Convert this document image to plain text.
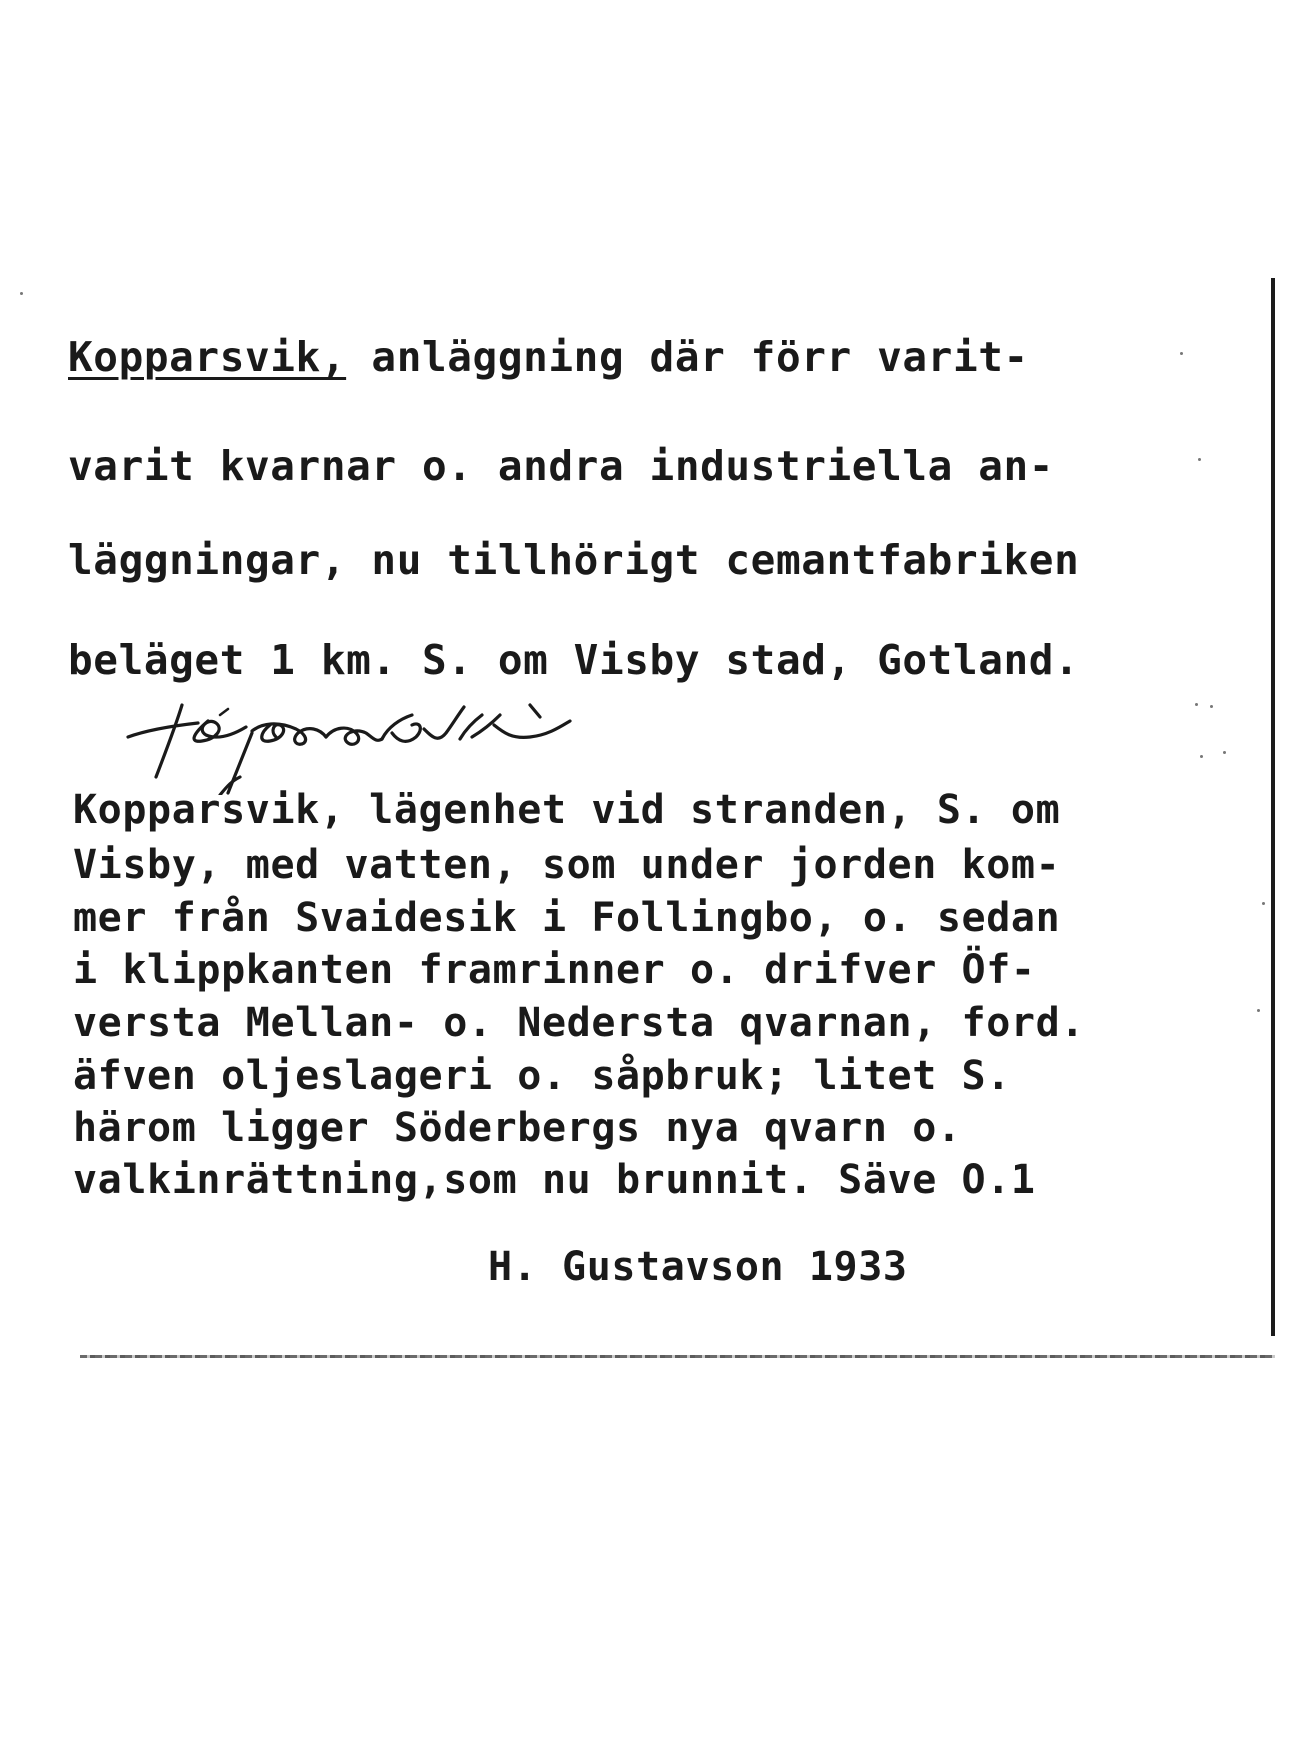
Kopparsvik, anläggning där förr varit-
varit kvarnar o. andra industriella an-
läggningar, nu tillhörigt cemantfabriken
beläget 1 km. S. om Visby stad, Gotland.
köpasvik
Kopparsvik, lägenhet vid stranden, S. om
Visby, med vatten, som under jorden kom-
mer från Svaidesik i Follingbo, o. sedan
i klippkanten framrinner o. drifver Öf-
versta Mellan- o. Nedersta qvarnan, ford.
äfven oljeslageri o. såpbruk; litet S.
härom ligger Söderbergs nya qvarn o.
valkinrättning,som nu brunnit. Säve O.1
H. Gustavson 1933
